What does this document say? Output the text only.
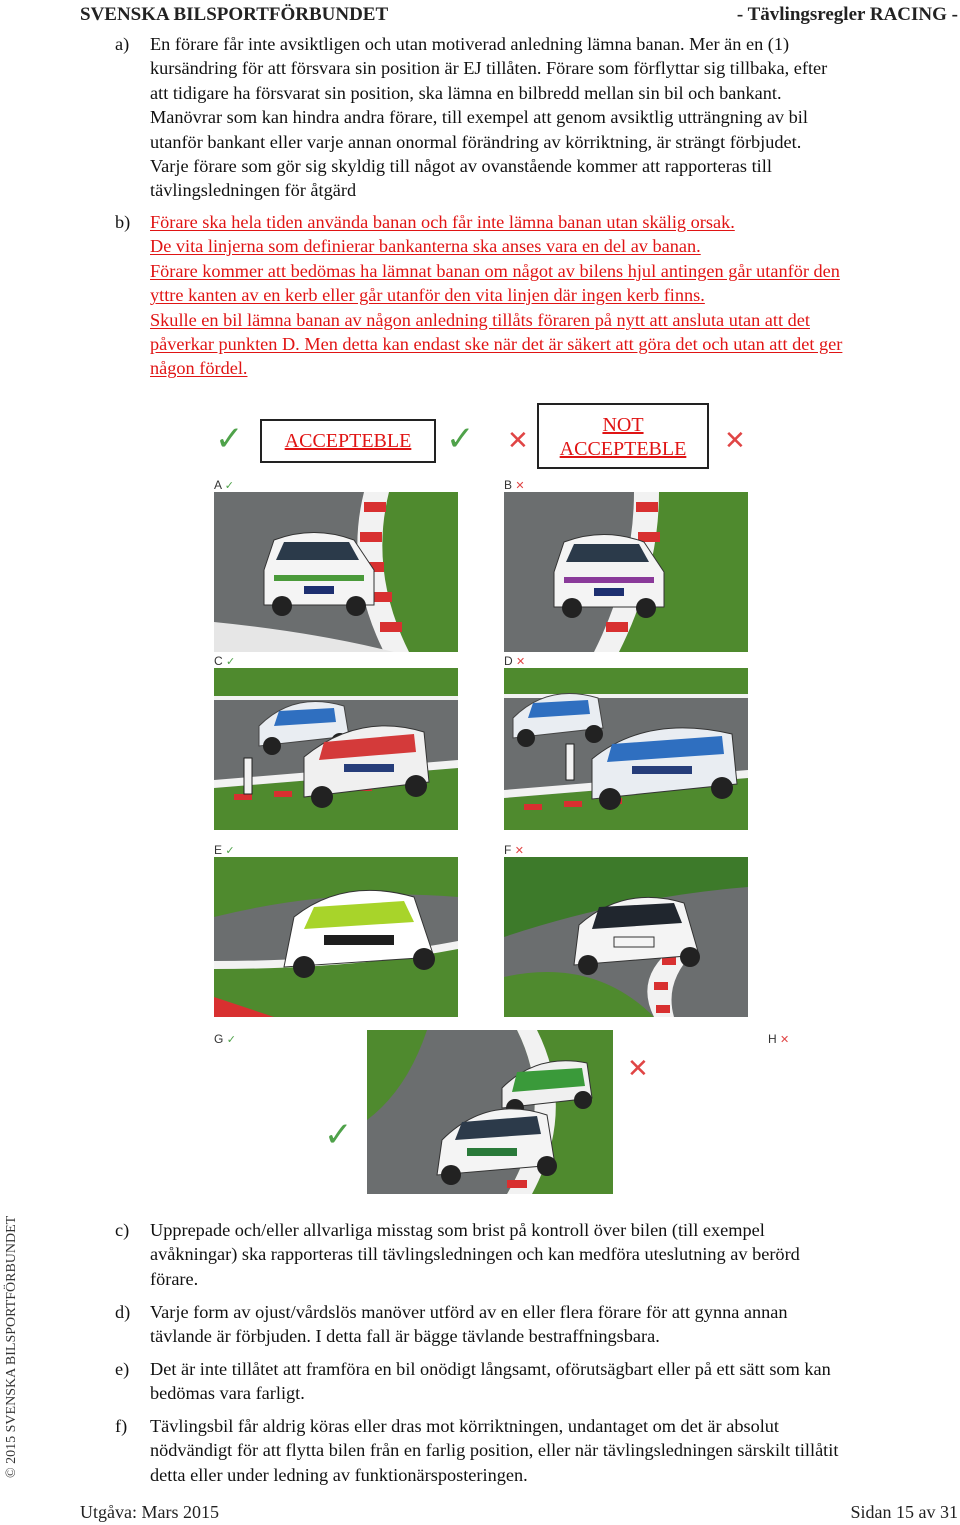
SVENSKA BILSPORTFÖRBUNDET	- Tävlingsregler RACING -
a) En förare får inte avsiktligen och utan motiverad anledning lämna banan. Mer än en (1)

kursändring för att försvara sin position är EJ tillåten. Förare som förflyttar sig tillbaka, efter

att tidigare ha försvarat sin position, ska lämna en bilbredd mellan sin bil och bankant.

Manövrar som kan hindra andra förare, till exempel att genom avsiktlig utträngning av bil

utanför bankant eller varje annan onormal förändring av körriktning, är strängt förbjudet.

Varje förare som gör sig skyldig till något av ovanstående kommer att rapporteras till

tävlingsledningen för åtgärd

b) Förare ska hela tiden använda banan och får inte lämna banan utan skälig orsak.

De vita linjerna som definierar bankanterna ska anses vara en del av banan.

Förare kommer att bedömas ha lämnat banan om något av bilens hjul antingen går utanför den

yttre kanten av en kerb eller går utanför den vita linjen där ingen kerb finns.

Skulle en bil lämna banan av någon anledning tillåts föraren på nytt att ansluta utan att det

påverkar punkten D. Men detta kan endast ske när det är säkert att göra det och utan att det ger

någon fördel.

✓	ACCEPTEBLE	✓ ✕
NOT
ACCEPTEBLE	✕
A ✓	B ✕
C ✓	D ✕
E ✓	F ✕
G ✓	H ✕
✕
✓
c) Upprepade och/eller allvarliga misstag som brist på kontroll över bilen (till exempel

avåkningar) ska rapporteras till tävlingsledningen och kan medföra uteslutning av berörd

förare.

d) Varje form av ojust/vårdslös manöver utförd av en eller flera förare för att gynna annan

tävlande är förbjuden. I detta fall är bägge tävlande bestraffningsbara.

e) Det är inte tillåtet att framföra en bil onödigt långsamt, oförutsägbart eller på ett sätt som kan

bedömas vara farligt.

f) Tävlingsbil får aldrig köras eller dras mot körriktningen, undantaget om det är absolut

nödvändigt för att flytta bilen från en farlig position, eller när tävlingsledningen särskilt tillåtit

detta eller under ledning av funktionärsposteringen.

© 2015 SVENSKA BILSPORTFÖRBUNDET
Utgåva: Mars 2015	Sidan 15 av 31
